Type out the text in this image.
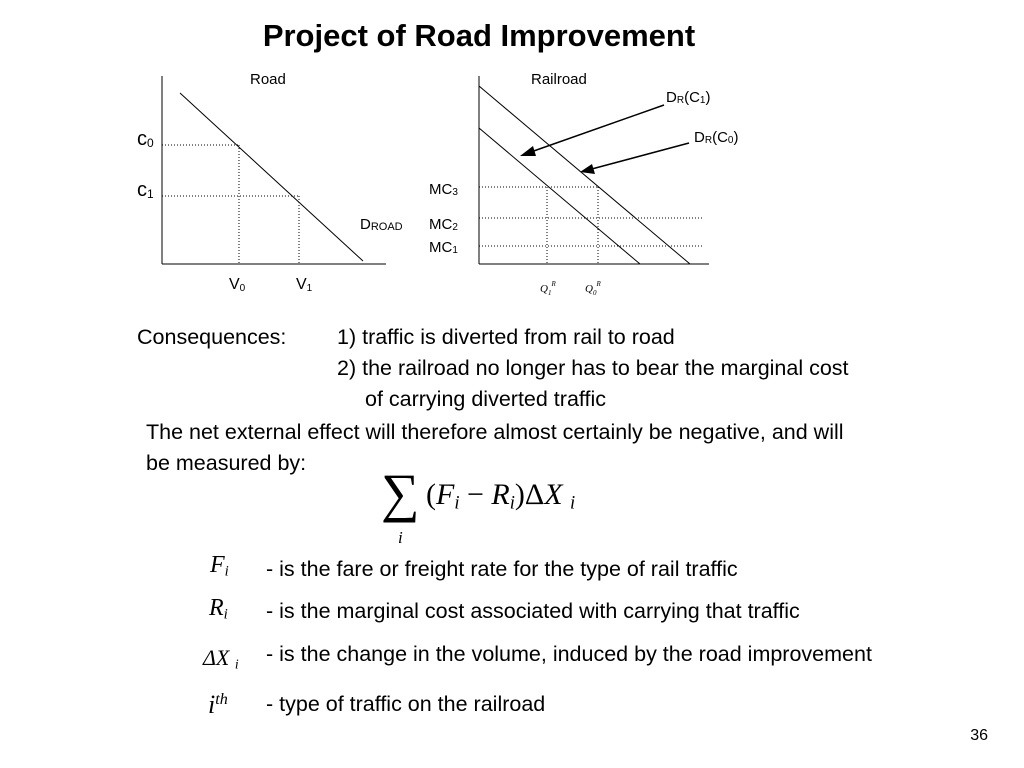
Project of Road Improvement
Road
c0
c1
V0	V1
DROAD
Railroad
DR(C1)
DR(C0)
MC3
MC2
MC1
$Q_1^R$	$Q_0^R$
Consequences: 1) traffic is diverted from rail to road
2) the railroad no longer has to bear the marginal cost
of carrying diverted traffic
The net external effect will therefore almost certainly be negative, and will
be measured by: ∑
i
$(F_i - R_i)\Delta X$ $_i$
$F_i$ - is the fare or freight rate for the type of rail traffic
$R_i$ - is the marginal cost associated with carrying that traffic
ΔX $_i$ - is the change in the volume, induced by the road improvement
$i^{th}$ - type of traffic on the railroad
36
